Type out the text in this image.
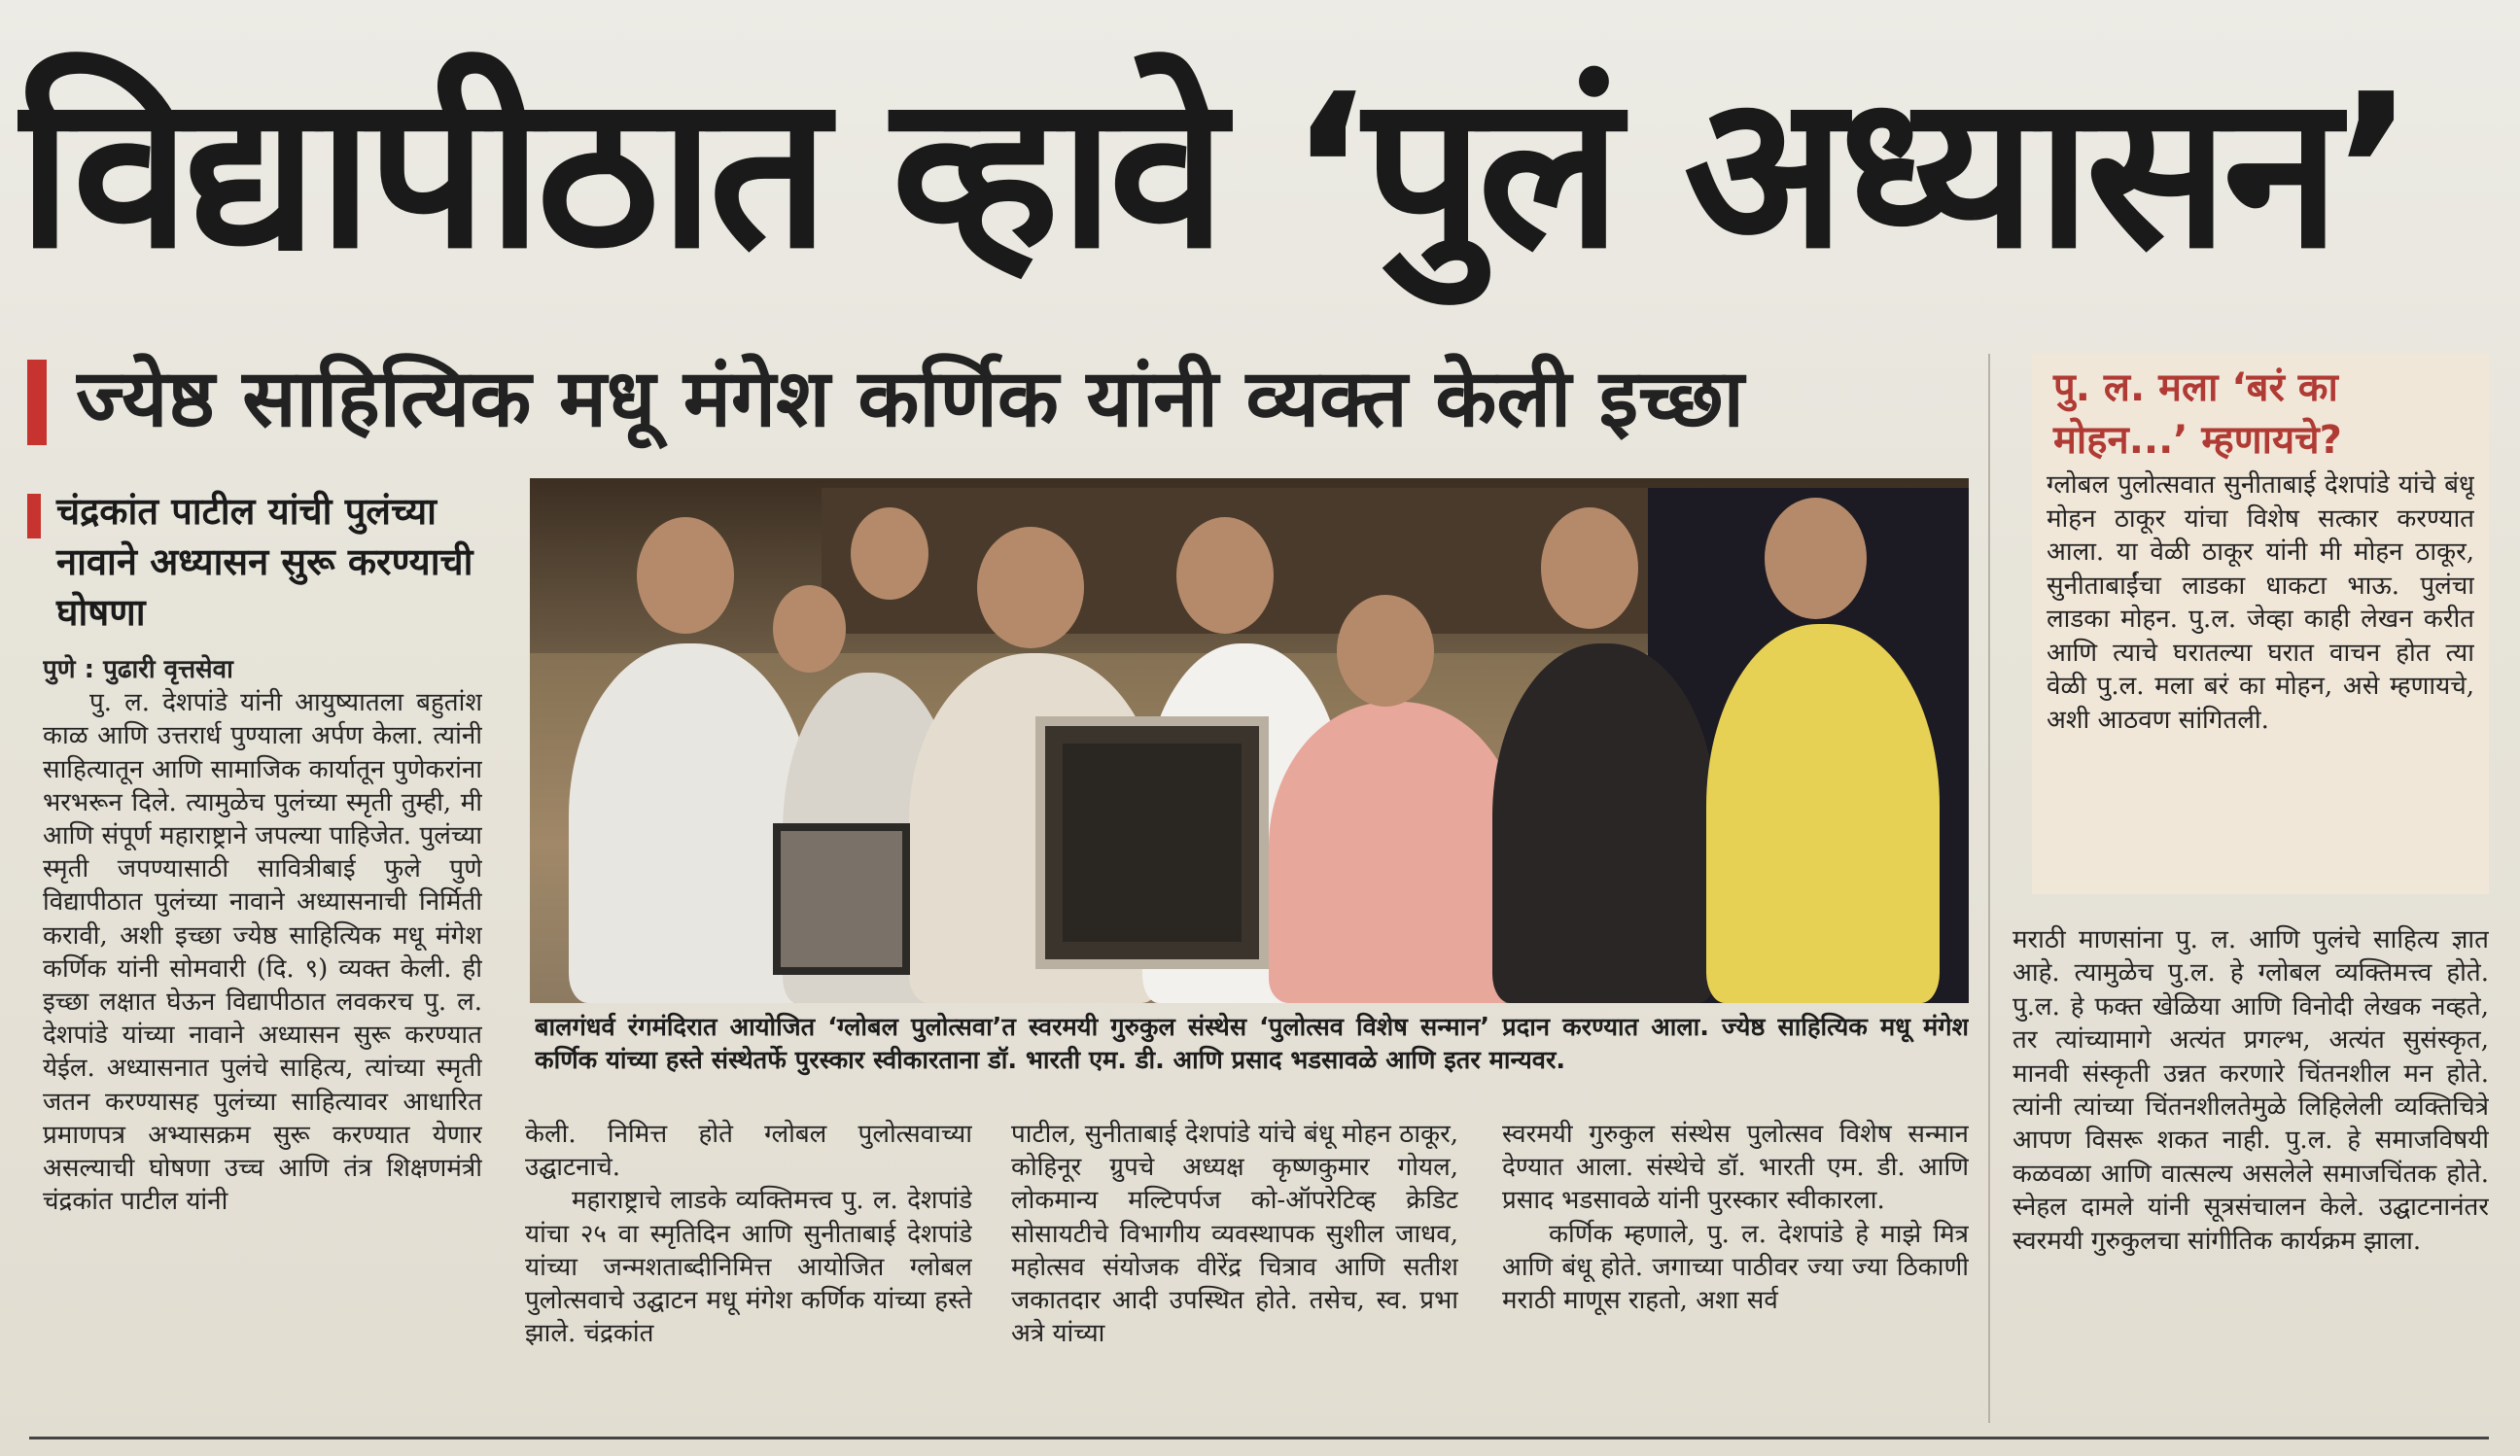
विद्यापीठात व्हावे ‘पुलं अध्यासन’
ज्येष्ठ साहित्यिक मधू मंगेश कर्णिक यांनी व्यक्त केली इच्छा
चंद्रकांत पाटील यांची पुलंच्या नावाने अध्यासन सुरू करण्याची घोषणा

पुणे : पुढारी वृत्तसेवा

पु. ल. देशपांडे यांनी आयुष्यातला बहुतांश काळ आणि उत्तरार्ध पुण्याला अर्पण केला. त्यांनी साहित्यातून आणि सामाजिक कार्यातून पुणेकरांना भरभरून दिले. त्यामुळेच पुलंच्या स्मृती तुम्ही, मी आणि संपूर्ण महाराष्ट्राने जपल्या पाहिजेत. पुलंच्या स्मृती जपण्यासाठी सावित्रीबाई फुले पुणे विद्यापीठात पुलंच्या नावाने अध्यासनाची निर्मिती करावी, अशी इच्छा ज्येष्ठ साहित्यिक मधू मंगेश कर्णिक यांनी सोमवारी (दि. ९) व्यक्त केली. ही इच्छा लक्षात घेऊन विद्यापीठात लवकरच पु. ल. देशपांडे यांच्या नावाने अध्यासन सुरू करण्यात येईल. अध्यासनात पुलंचे साहित्य, त्यांच्या स्मृती जतन करण्यासह पुलंच्या साहित्यावर आधारित प्रमाणपत्र अभ्यासक्रम सुरू करण्यात येणार असल्याची घोषणा उच्च आणि तंत्र शिक्षणमंत्री चंद्रकांत पाटील यांनी

बालगंधर्व रंगमंदिरात आयोजित ‘ग्लोबल पुलोत्सवा’त स्वरमयी गुरुकुल संस्थेस ‘पुलोत्सव विशेष सन्मान’ प्रदान करण्यात आला. ज्येष्ठ साहित्यिक मधू मंगेश कर्णिक यांच्या हस्ते संस्थेतर्फे पुरस्कार स्वीकारताना डॉ. भारती एम. डी. आणि प्रसाद भडसावळे आणि इतर मान्यवर.

केली. निमित्त होते ग्लोबल पुलोत्सवाच्या उद्घाटनाचे.

महाराष्ट्राचे लाडके व्यक्तिमत्त्व पु. ल. देशपांडे यांचा २५ वा स्मृतिदिन आणि सुनीताबाई देशपांडे यांच्या जन्मशताब्दीनिमित्त आयोजित ग्लोबल पुलोत्सवाचे उद्घाटन मधू मंगेश कर्णिक यांच्या हस्ते झाले. चंद्रकांत

पाटील, सुनीताबाई देशपांडे यांचे बंधू मोहन ठाकूर, कोहिनूर ग्रुपचे अध्यक्ष कृष्णकुमार गोयल, लोकमान्य मल्टिपर्पज को-ऑपरेटिव्ह क्रेडिट सोसायटीचे विभागीय व्यवस्थापक सुशील जाधव, महोत्सव संयोजक वीरेंद्र चित्राव आणि सतीश जकातदार आदी उपस्थित होते. तसेच, स्व. प्रभा अत्रे यांच्या

स्वरमयी गुरुकुल संस्थेस पुलोत्सव विशेष सन्मान देण्यात आला. संस्थेचे डॉ. भारती एम. डी. आणि प्रसाद भडसावळे यांनी पुरस्कार स्वीकारला.

कर्णिक म्हणाले, पु. ल. देशपांडे हे माझे मित्र आणि बंधू होते. जगाच्या पाठीवर ज्या ज्या ठिकाणी मराठी माणूस राहतो, अशा सर्व

पु. ल. मला ‘बरं का मोहन...’ म्हणायचे?

ग्लोबल पुलोत्सवात सुनीताबाई देशपांडे यांचे बंधू मोहन ठाकूर यांचा विशेष सत्कार करण्यात आला. या वेळी ठाकूर यांनी मी मोहन ठाकूर, सुनीताबाईंचा लाडका धाकटा भाऊ. पुलंचा लाडका मोहन. पु.ल. जेव्हा काही लेखन करीत आणि त्याचे घरातल्या घरात वाचन होत त्या वेळी पु.ल. मला बरं का मोहन, असे म्हणायचे, अशी आठवण सांगितली.

मराठी माणसांना पु. ल. आणि पुलंचे साहित्य ज्ञात आहे. त्यामुळेच पु.ल. हे ग्लोबल व्यक्तिमत्त्व होते. पु.ल. हे फक्त खेळिया आणि विनोदी लेखक नव्हते, तर त्यांच्यामागे अत्यंत प्रगल्भ, अत्यंत सुसंस्कृत, मानवी संस्कृती उन्नत करणारे चिंतनशील मन होते. त्यांनी त्यांच्या चिंतनशीलतेमुळे लिहिलेली व्यक्तिचित्रे आपण विसरू शकत नाही. पु.ल. हे समाजविषयी कळवळा आणि वात्सल्य असलेले समाजचिंतक होते. स्नेहल दामले यांनी सूत्रसंचालन केले. उद्घाटनानंतर स्वरमयी गुरुकुलचा सांगीतिक कार्यक्रम झाला.
